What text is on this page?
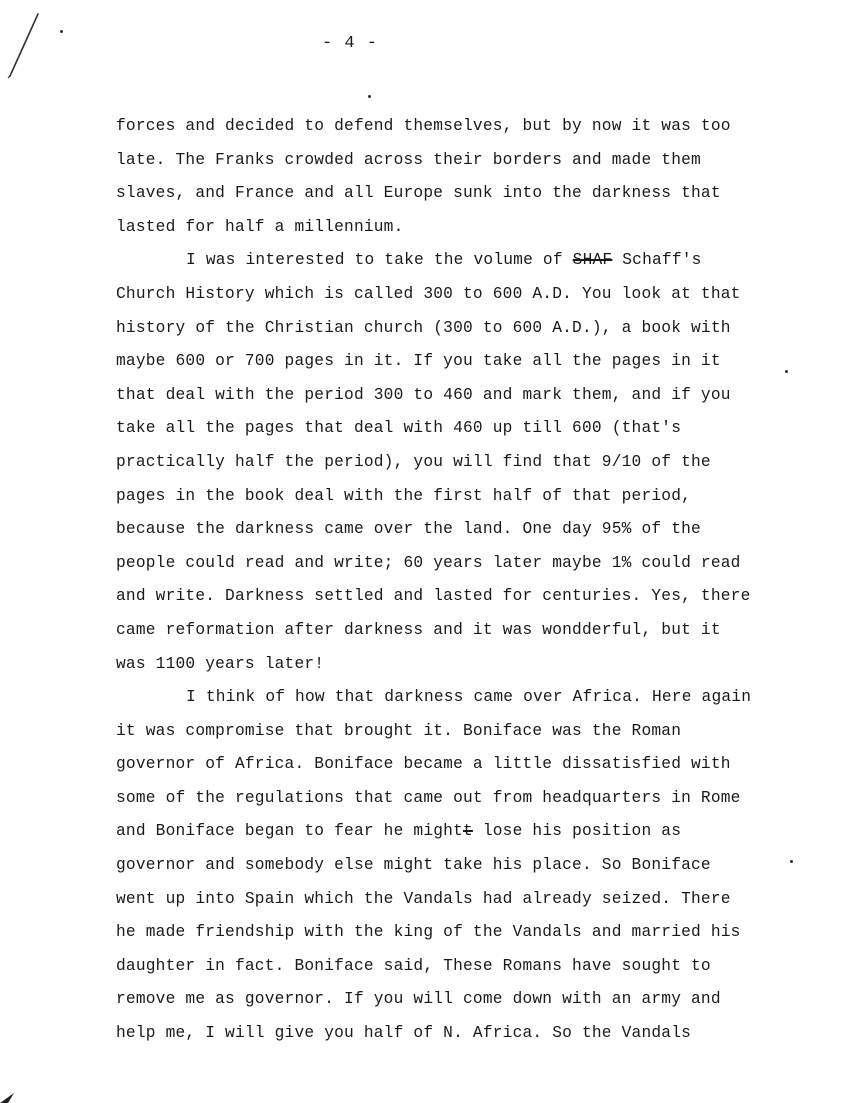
- 4 -
forces and decided to defend themselves, but by now it was too
late. The Franks crowded across their borders and made them
slaves, and France and all Europe sunk into the darkness that
lasted for half a millennium.
I was interested to take the volume of SHAF Schaff's
Church History which is called 300 to 600 A.D. You look at that
history of the Christian church (300 to 600 A.D.), a book with
maybe 600 or 700 pages in it. If you take all the pages in it
that deal with the period 300 to 460 and mark them, and if you
take all the pages that deal with 460 up till 600 (that's
practically half the period), you will find that 9/10 of the
pages in the book deal with the first half of that period,
because the darkness came over the land. One day 95% of the
people could read and write; 60 years later maybe 1% could read
and write. Darkness settled and lasted for centuries. Yes, there
came reformation after darkness and it was wondderful, but it
was 1100 years later!
I think of how that darkness came over Africa. Here again
it was compromise that brought it. Boniface was the Roman
governor of Africa. Boniface became a little dissatisfied with
some of the regulations that came out from headquarters in Rome
and Boniface began to fear he mightt lose his position as
governor and somebody else might take his place. So Boniface
went up into Spain which the Vandals had already seized. There
he made friendship with the king of the Vandals and married his
daughter in fact. Boniface said, These Romans have sought to
remove me as governor. If you will come down with an army and
help me, I will give you half of N. Africa. So the Vandals
